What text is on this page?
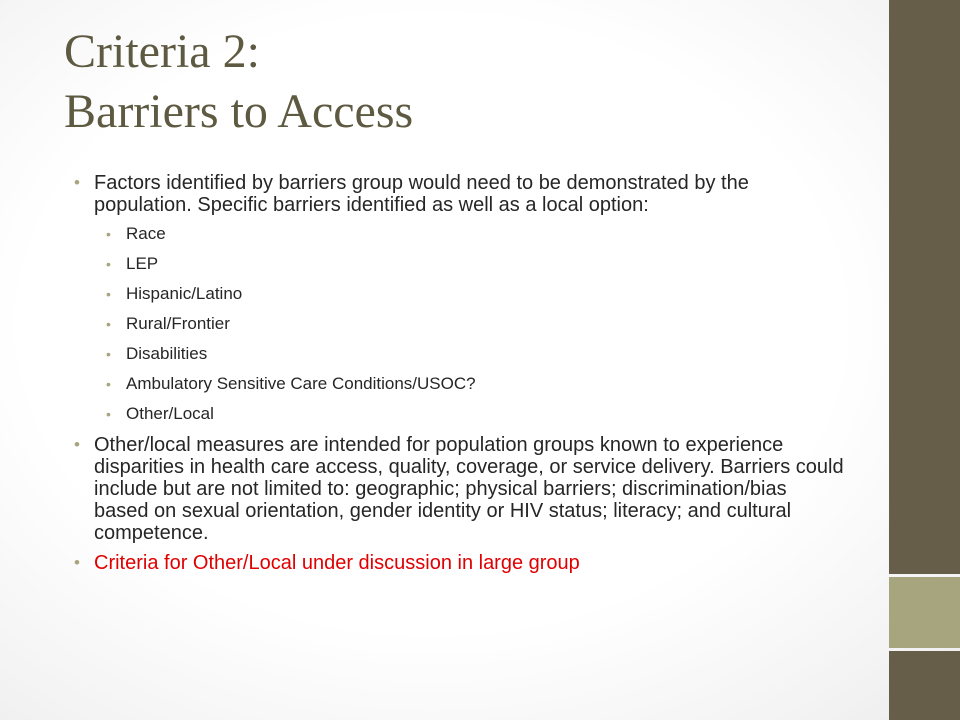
Criteria 2:
Barriers to Access
• Factors identified by barriers group would need to be demonstrated by the population. Specific barriers identified as well as a local option:
• Race
• LEP
• Hispanic/Latino
• Rural/Frontier
• Disabilities
• Ambulatory Sensitive Care Conditions/USOC?
• Other/Local
• Other/local measures are intended for population groups known to experience disparities in health care access, quality, coverage, or service delivery. Barriers could include but are not limited to: geographic; physical barriers; discrimination/bias based on sexual orientation, gender identity or HIV status; literacy; and cultural competence.
• Criteria for Other/Local under discussion in large group
